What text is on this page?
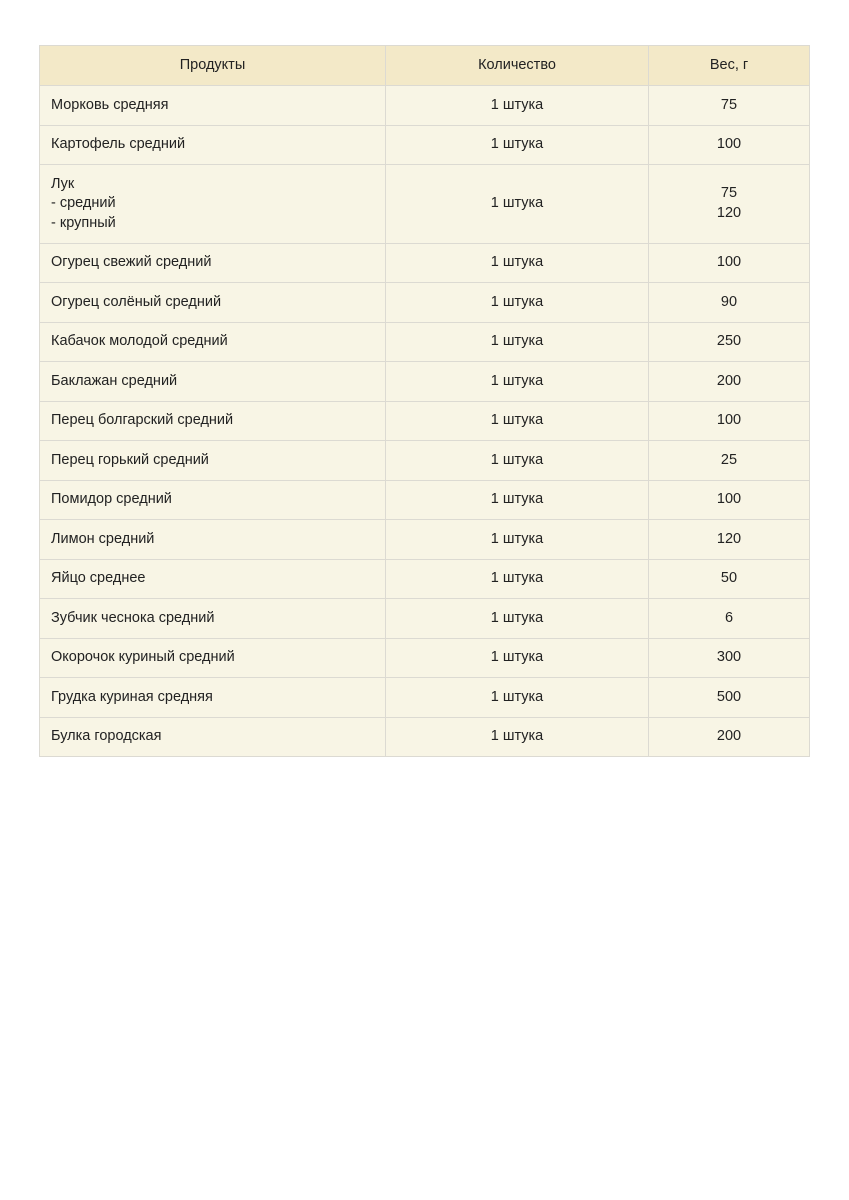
Продукты	Количество	Вес, г

Морковь средняя	1 штука	75

Картофель средний	1 штука	100

Лук
- средний
- крупный	1 штука	75
120

Огурец свежий средний	1 штука	100

Огурец солёный средний	1 штука	90

Кабачок молодой средний	1 штука	250

Баклажан средний	1 штука	200

Перец болгарский средний	1 штука	100

Перец горький средний	1 штука	25

Помидор средний	1 штука	100

Лимон средний	1 штука	120

Яйцо среднее	1 штука	50

Зубчик чеснока средний	1 штука	6

Окорочок куриный средний	1 штука	300

Грудка куриная средняя	1 штука	500

Булка городская	1 штука	200
